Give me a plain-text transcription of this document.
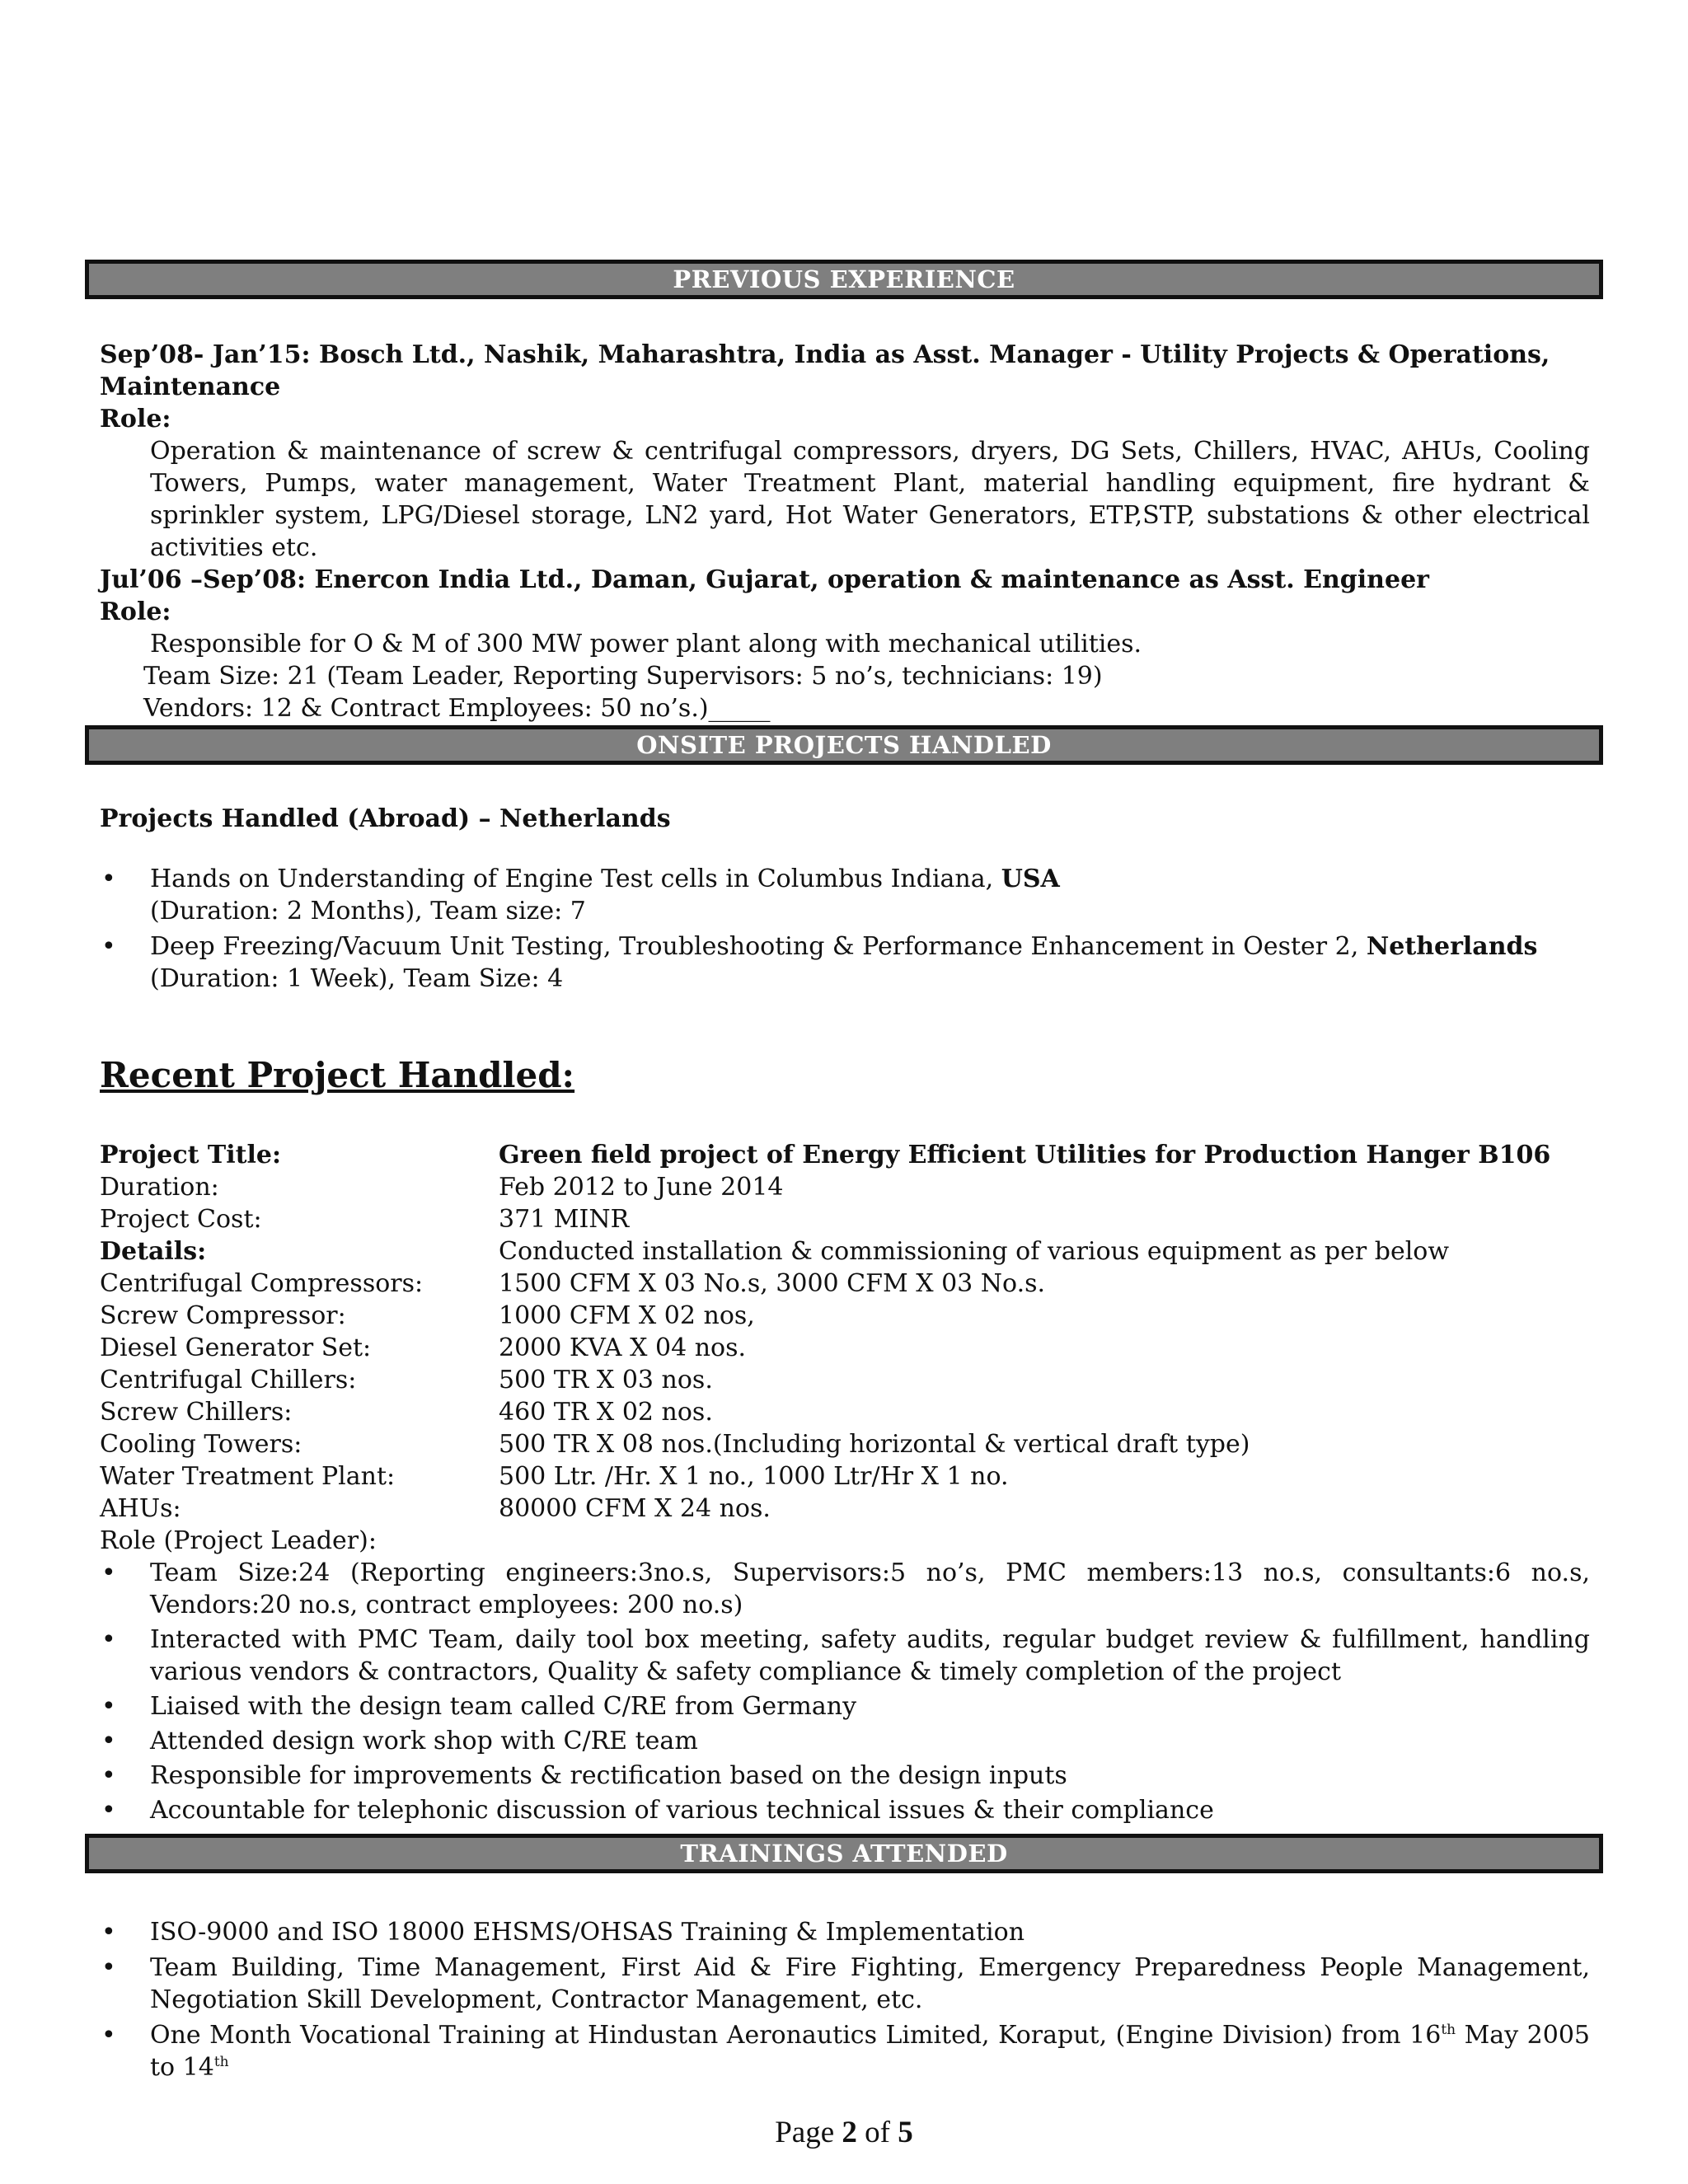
PREVIOUS EXPERIENCE
Sep’08- Jan’15: Bosch Ltd., Nashik, Maharashtra, India as Asst. Manager - Utility Projects & Operations, Maintenance
Role:
Operation & maintenance of screw & centrifugal compressors, dryers, DG Sets, Chillers, HVAC, AHUs, Cooling Towers, Pumps, water management, Water Treatment Plant, material handling equipment, fire hydrant & sprinkler system, LPG/Diesel storage, LN2 yard, Hot Water Generators, ETP,STP, substations & other electrical activities etc.
Jul’06 –Sep’08: Enercon India Ltd., Daman, Gujarat, operation & maintenance as Asst. Engineer
Role:
Responsible for O & M of 300 MW power plant along with mechanical utilities.
Team Size: 21 (Team Leader, Reporting Supervisors: 5 no’s, technicians: 19)
Vendors: 12 & Contract Employees: 50 no’s.)_____
ONSITE PROJECTS HANDLED
Projects Handled (Abroad) – Netherlands
• Hands on Understanding of Engine Test cells in Columbus Indiana, USA
(Duration: 2 Months), Team size: 7
• Deep Freezing/Vacuum Unit Testing, Troubleshooting & Performance Enhancement in Oester 2, Netherlands
(Duration: 1 Week), Team Size: 4
Recent Project Handled:
Project Title:	Green field project of Energy Efficient Utilities for Production Hanger B106
Duration:	Feb 2012 to June 2014
Project Cost:	371 MINR
Details:	Conducted installation & commissioning of various equipment as per below
Centrifugal Compressors:	1500 CFM X 03 No.s, 3000 CFM X 03 No.s.
Screw Compressor:	1000 CFM X 02 nos,
Diesel Generator Set:	2000 KVA X 04 nos.
Centrifugal Chillers:	500 TR X 03 nos.
Screw Chillers:	460 TR X 02 nos.
Cooling Towers:	500 TR X 08 nos.(Including horizontal & vertical draft type)
Water Treatment Plant:	500 Ltr. /Hr. X 1 no., 1000 Ltr/Hr X 1 no.
AHUs:	80000 CFM X 24 nos.
Role (Project Leader):
• Team Size:24 (Reporting engineers:3no.s, Supervisors:5 no’s, PMC members:13 no.s, consultants:6 no.s, Vendors:20 no.s, contract employees: 200 no.s)
• Interacted with PMC Team, daily tool box meeting, safety audits, regular budget review & fulfillment, handling various vendors & contractors, Quality & safety compliance & timely completion of the project
• Liaised with the design team called C/RE from Germany
• Attended design work shop with C/RE team
• Responsible for improvements & rectification based on the design inputs
• Accountable for telephonic discussion of various technical issues & their compliance
TRAININGS ATTENDED
• ISO-9000 and ISO 18000 EHSMS/OHSAS Training & Implementation
• Team Building, Time Management, First Aid & Fire Fighting, Emergency Preparedness People Management, Negotiation Skill Development, Contractor Management, etc.
• One Month Vocational Training at Hindustan Aeronautics Limited, Koraput, (Engine Division) from 16th May 2005 to 14th
Page 2 of 5
